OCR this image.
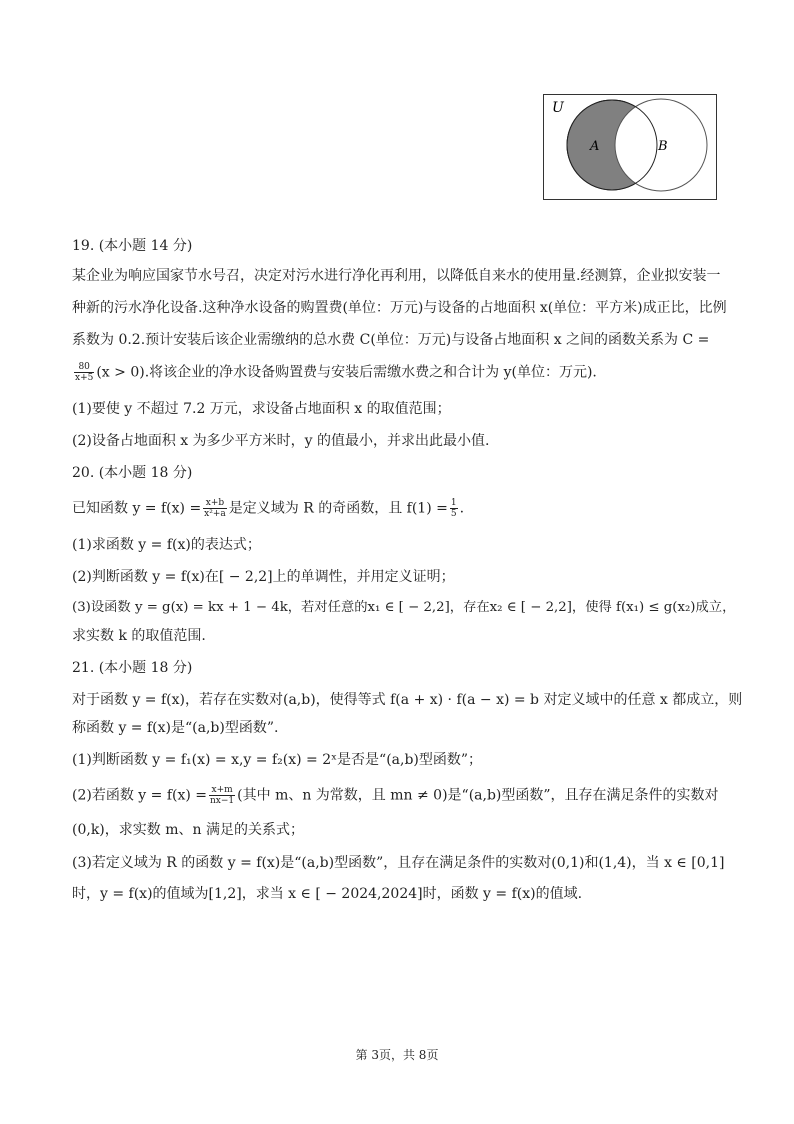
U
A	B
19. (本小题 14 分)
某企业为响应国家节水号召，决定对污水进行净化再利用，以降低自来水的使用量.经测算，企业拟安装一
种新的污水净化设备.这种净水设备的购置费(单位：万元)与设备的占地面积 x(单位：平方米)成正比，比例
系数为 0.2.预计安装后该企业需缴纳的总水费 C(单位：万元)与设备占地面积 x 之间的函数关系为 C =
$\frac{80}{x+5} (x > 0)$.将该企业的净水设备购置费与安装后需缴水费之和合计为 y(单位：万元).
(1)要使 y 不超过 7.2 万元，求设备占地面积 x 的取值范围；
(2)设备占地面积 x 为多少平方米时，y 的值最小，并求出此最小值.
20. (本小题 18 分)
已知函数 $y = f(x) = \frac{x+b}{\text{x²+a}}$ 是定义域为 R 的奇函数，且 $f(1) = \frac{1}{5}$ .
(1)求函数 y = f(x)的表达式；
(2)判断函数 y = f(x)在[ − 2,2]上的单调性，并用定义证明；
(3)设函数 y = g(x) = kx + 1 − 4k，若对任意的x₁ ∈ [ − 2,2]，存在x₂ ∈ [ − 2,2]，使得 f(x₁) ≤ g(x₂)成立，
求实数 k 的取值范围.
21. (本小题 18 分)
对于函数 y = f(x)，若存在实数对(a,b)，使得等式 f(a + x) · f(a − x) = b 对定义域中的任意 x 都成立，则
称函数 y = f(x)是“(a,b)型函数”.
(1)判断函数 y = f₁(x) = x,y = f₂(x) = 2ˣ是否是“(a,b)型函数”；
(2)若函数 $y = f(x) = \frac{x+m}{nx-1}$ (其中 m、n 为常数，且 mn ≠ 0)是“(a,b)型函数”，且存在满足条件的实数对
(0,k)，求实数 m、n 满足的关系式；
(3)若定义域为 R 的函数 y = f(x)是“(a,b)型函数”，且存在满足条件的实数对(0,1)和(1,4)，当 x ∈ [0,1]
时，y = f(x)的值域为[1,2]，求当 x ∈ [ − 2024,2024]时，函数 y = f(x)的值域.
第 3页，共 8页
